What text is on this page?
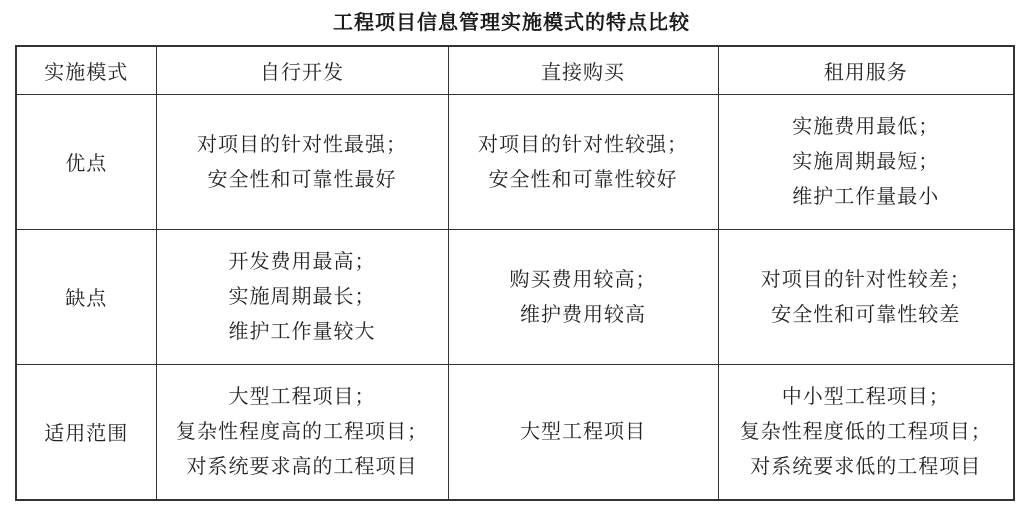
工程项目信息管理实施模式的特点比较
实施模式	自行开发	直接购买	租用服务
优点	对项目的针对性最强；
安全性和可靠性最好	对项目的针对性较强；
安全性和可靠性较好	实施费用最低；
实施周期最短；
维护工作量最小

缺点	开发费用最高；
实施周期最长；
维护工作量较大	购买费用较高；
维护费用较高	对项目的针对性较差；
安全性和可靠性较差

适用范围	大型工程项目；
复杂性程度高的工程项目；
对系统要求高的工程项目	大型工程项目	中小型工程项目；
复杂性程度低的工程项目；
对系统要求低的工程项目
